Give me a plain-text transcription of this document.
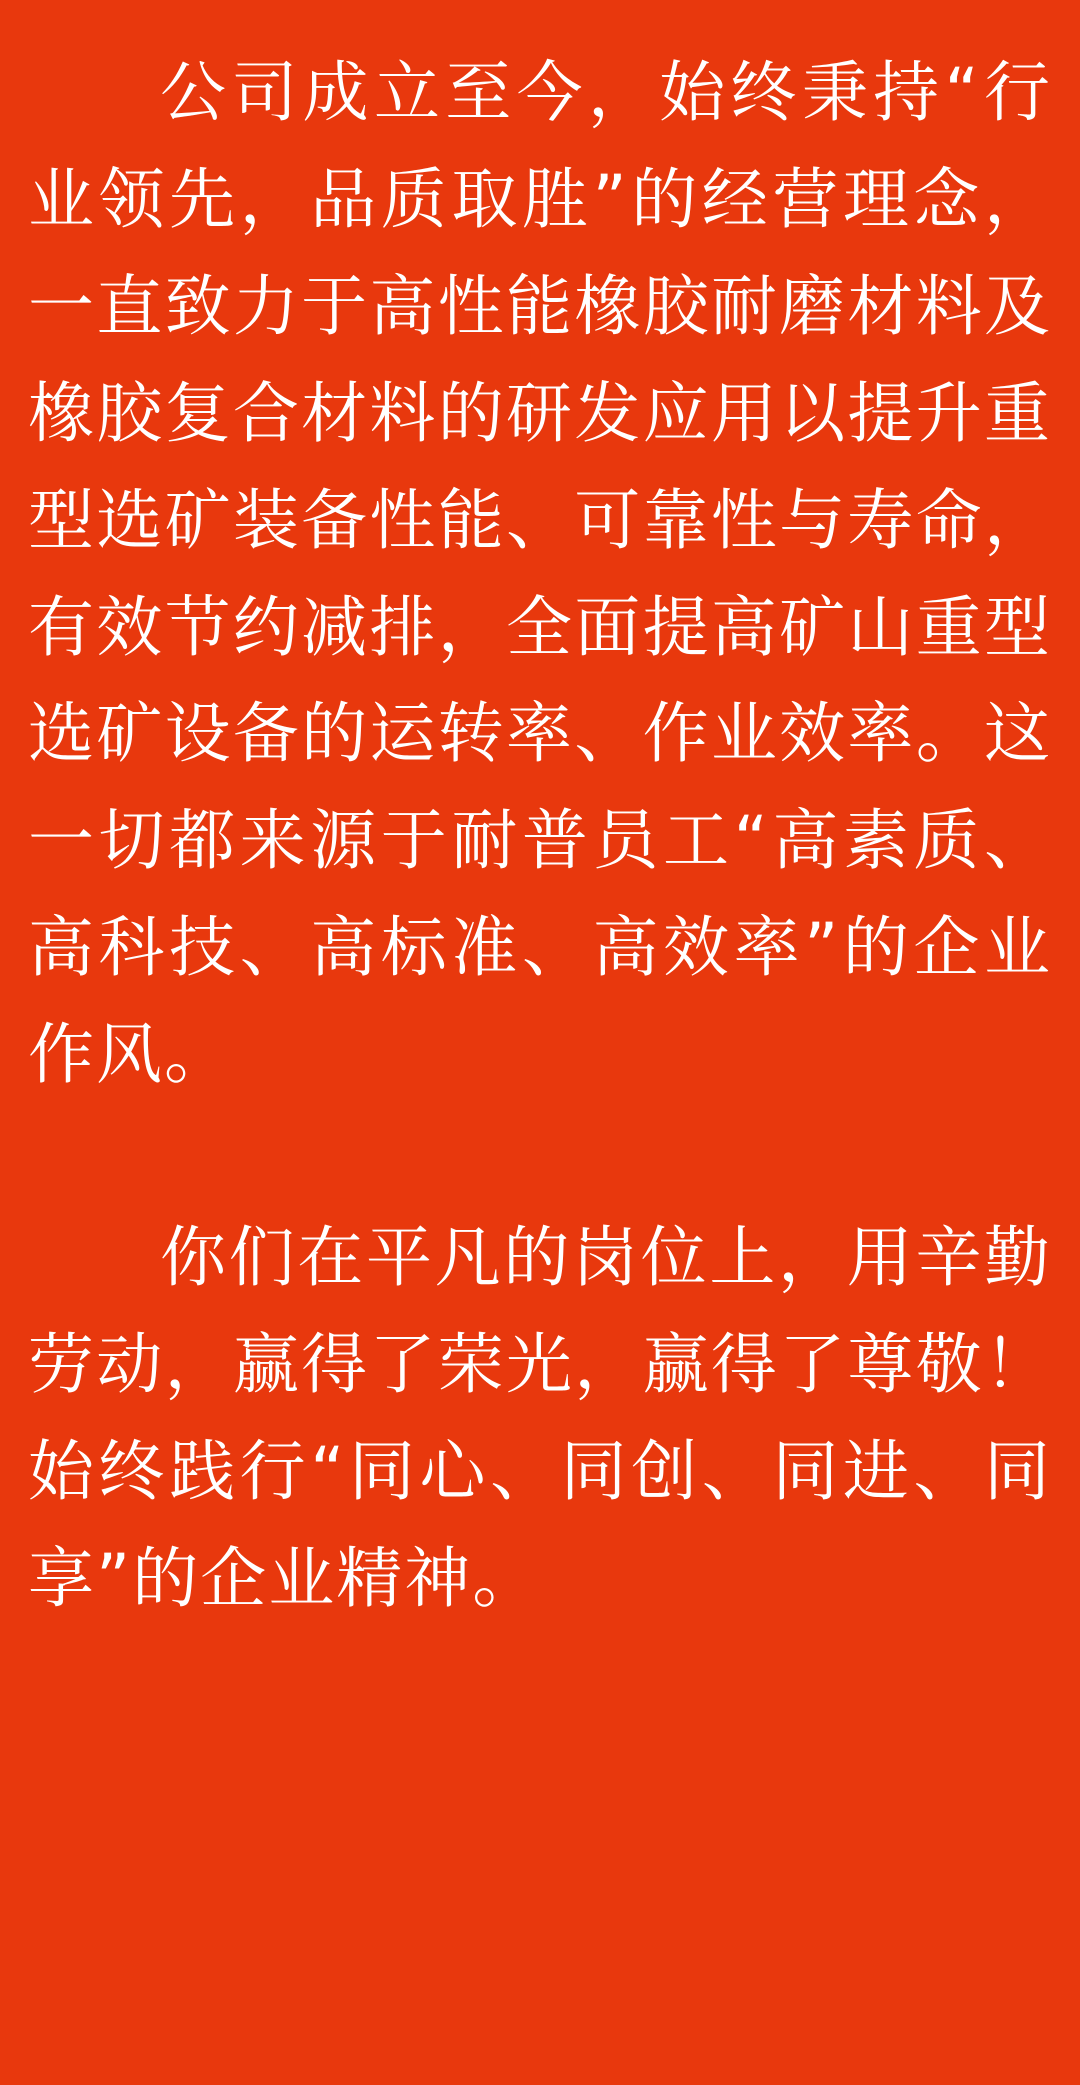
公司成立至今，始终秉持“行业领先，品质取胜”的经营理念，一直致力于高性能橡胶耐磨材料及橡胶复合材料的研发应用以提升重型选矿装备性能、可靠性与寿命，有效节约减排，全面提高矿山重型选矿设备的运转率、作业效率。这一切都来源于耐普员工“高素质、高科技、高标准、高效率”的企业作风。

你们在平凡的岗位上，用辛勤劳动，赢得了荣光，赢得了尊敬！始终践行“同心、同创、同进、同享”的企业精神。
